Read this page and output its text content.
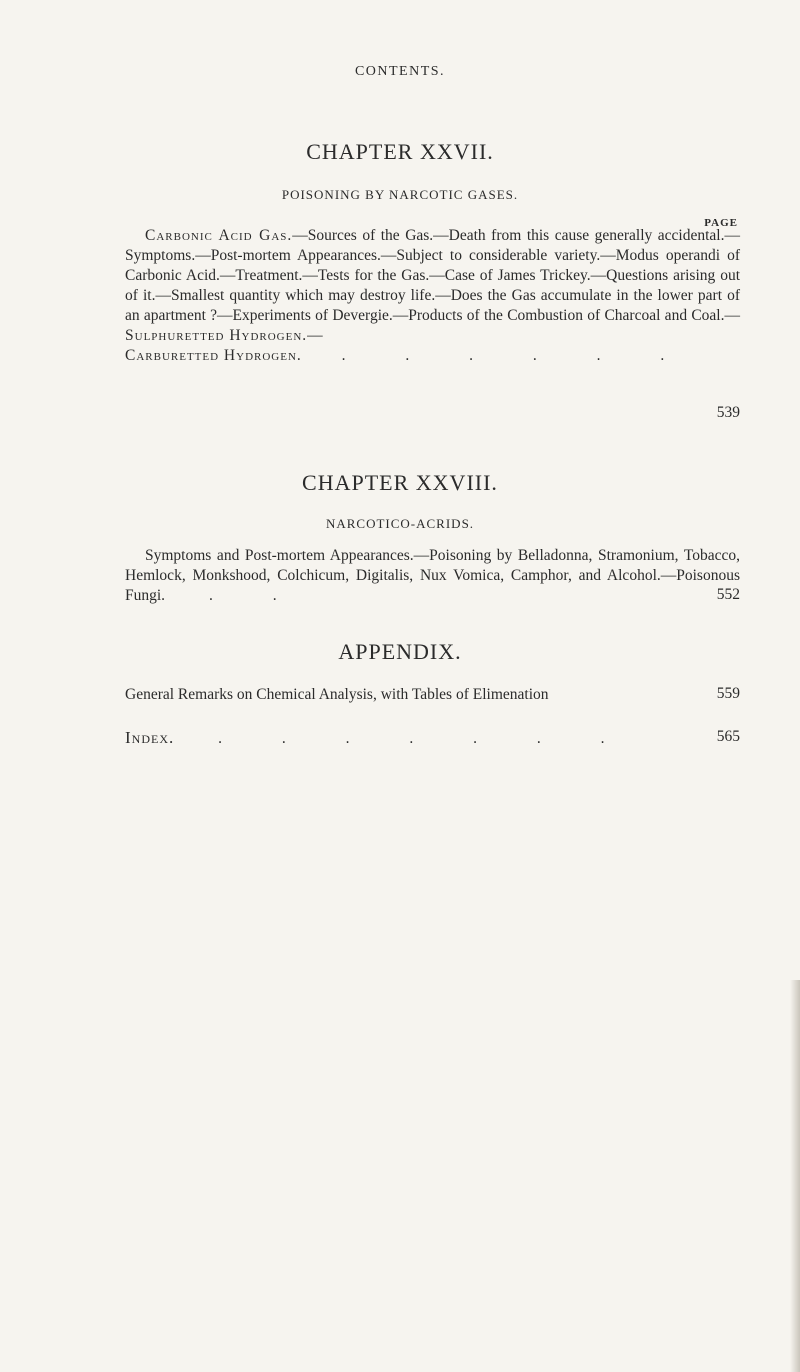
CONTENTS.
CHAPTER XXVII.
POISONING BY NARCOTIC GASES.
PAGE
Carbonic Acid Gas.—Sources of the Gas.—Death from this cause generally accidental.—Symptoms.—Post-mortem Appearances.—Subject to considerable variety.—Modus operandi of Carbonic Acid.—Treatment.—Tests for the Gas.—Case of James Trickey.—Questions arising out of it.—Smallest quantity which may destroy life.—Does the Gas accumulate in the lower part of an apartment ?—Experiments of Devergie.—Products of the Combustion of Charcoal and Coal.—Sulphuretted Hydrogen.—
Carburetted Hydrogen.	. . . . . .
539
CHAPTER XXVIII.
NARCOTICO-ACRIDS.
Symptoms and Post-mortem Appearances.—Poisoning by Belladonna, Stramonium, Tobacco, Hemlock, Monkshood, Colchicum, Digitalis, Nux Vomica, Camphor, and Alcohol.—Poisonous Fungi.	. .	552
APPENDIX.
General Remarks on Chemical Analysis, with Tables of Elimenation	559
Index.	. . . . . . .	565
